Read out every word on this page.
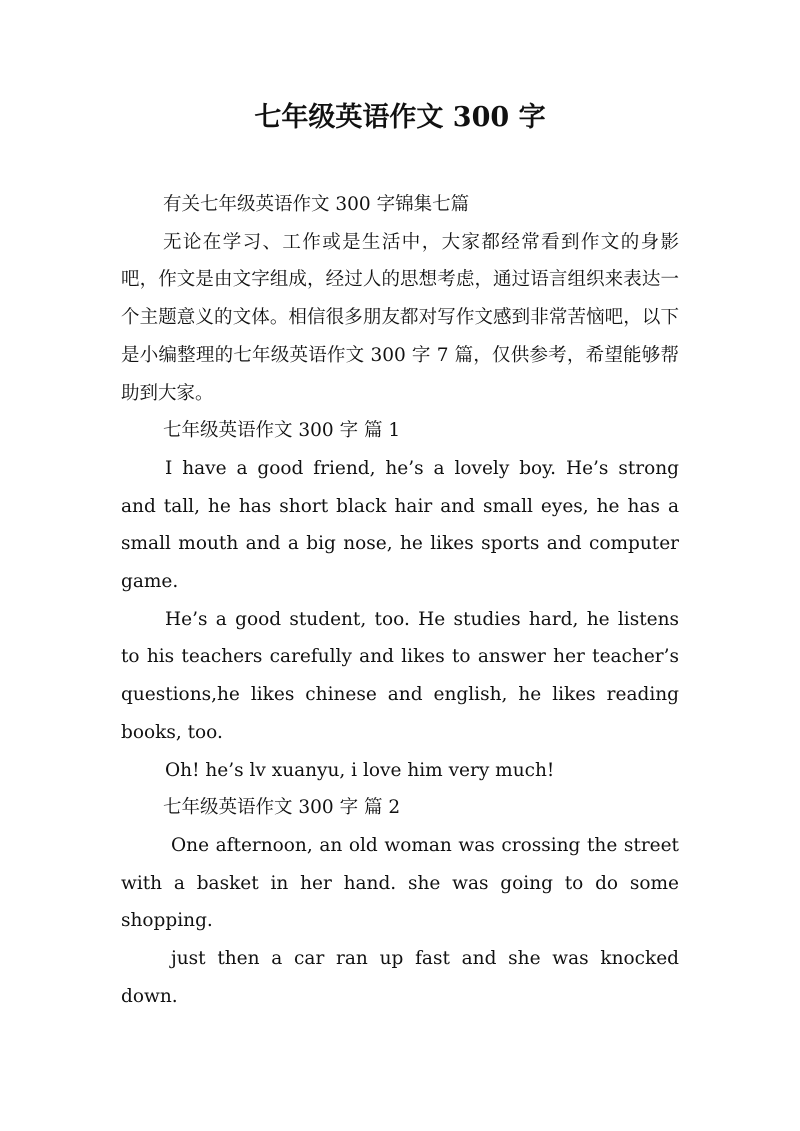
七年级英语作文 300 字

有关七年级英语作文 300 字锦集七篇

无论在学习、工作或是生活中，大家都经常看到作文的身影吧，作文是由文字组成，经过人的思想考虑，通过语言组织来表达一个主题意义的文体。相信很多朋友都对写作文感到非常苦恼吧，以下是小编整理的七年级英语作文 300 字 7 篇，仅供参考，希望能够帮助到大家。

七年级英语作文 300 字 篇 1

I have a good friend, he’s a lovely boy. He’s strong and tall, he has short black hair and small eyes, he has a small mouth and a big nose, he likes sports and computer game.

He’s a good student, too. He studies hard, he listens to his teachers carefully and likes to answer her teacher’s questions,he likes chinese and english, he likes reading books, too.

Oh! he’s lv xuanyu, i love him very much!

七年级英语作文 300 字 篇 2

One afternoon, an old woman was crossing the street with a basket in her hand. she was going to do some shopping.

just then a car ran up fast and she was knocked down.
